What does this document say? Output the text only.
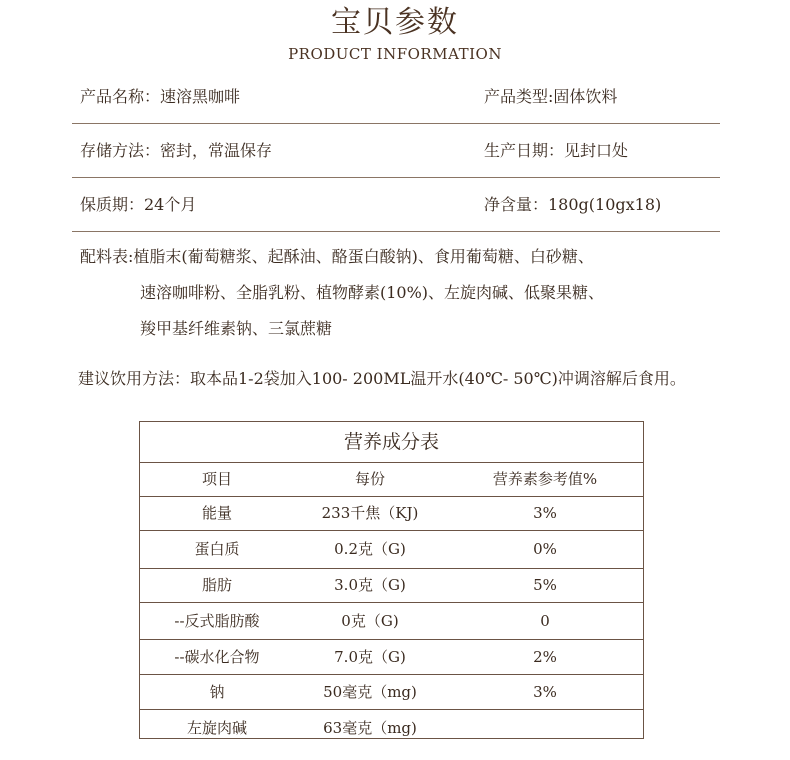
宝贝参数
PRODUCT INFORMATION
产品名称：速溶黑咖啡	产品类型:固体饮料
存储方法：密封，常温保存	生产日期：见封口处
保质期：24个月	净含量：180g(10gx18)
配料表:植脂末(葡萄糖浆、起酥油、酪蛋白酸钠)、食用葡萄糖、白砂糖、
速溶咖啡粉、全脂乳粉、植物酵素(10%)、左旋肉碱、低聚果糖、
羧甲基纤维素钠、三氯蔗糖
建议饮用方法：取本品1-2袋加入100- 200ML温开水(40℃- 50℃)冲调溶解后食用。
营养成分表
项目	每份	营养素参考值%
能量	233千焦（KJ)	3%
蛋白质	0.2克（G)	0%
脂肪	3.0克（G)	5%
--反式脂肪酸	0克（G)	0
--碳水化合物	7.0克（G)	2%
钠	50毫克（mg)	3%
左旋肉碱	63毫克（mg)
